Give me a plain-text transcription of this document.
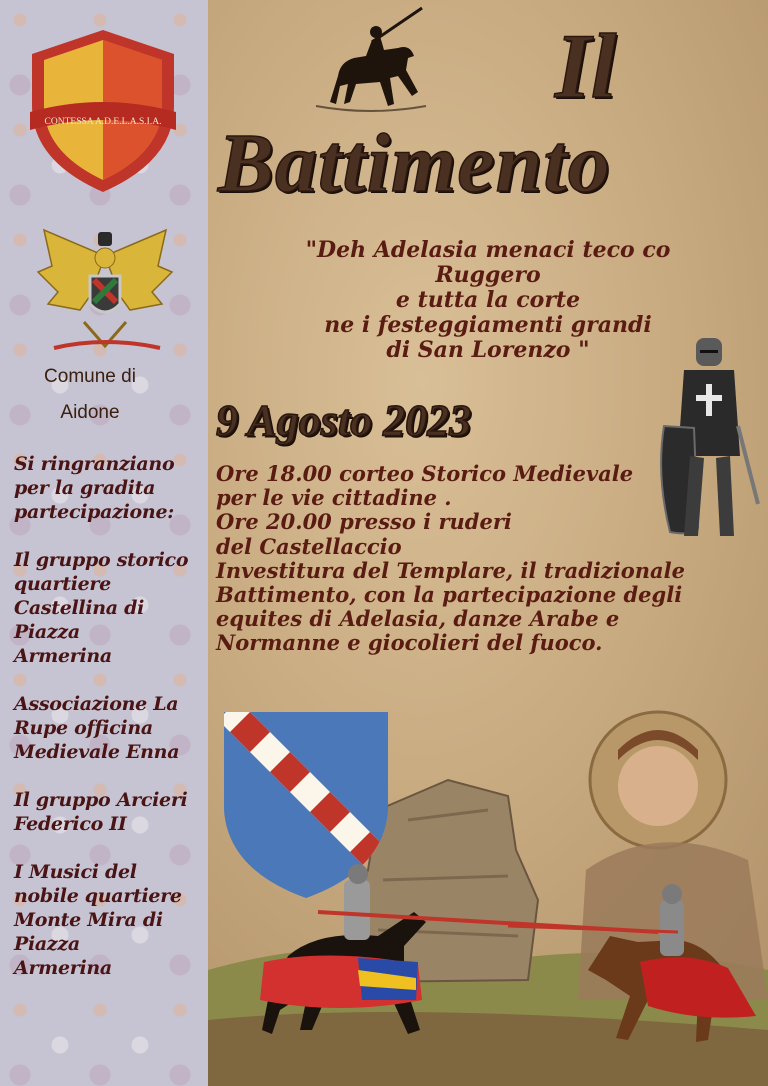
CONTESSA A.D.E.L.A.S.I.A.
Comune di
Aidone
Si ringranziano
per la gradita
partecipazione:
Il gruppo storico
quartiere
Castellina di
Piazza
Armerina
Associazione La
Rupe officina
Medievale Enna
Il gruppo Arcieri
Federico II
I Musici del
nobile quartiere
Monte Mira di
Piazza
Armerina
Il
Battimento
"Deh Adelasia menaci teco co
Ruggero
e tutta la corte
ne i festeggiamenti grandi
di San Lorenzo "
9 Agosto 2023
Ore 18.00 corteo Storico Medievale
per le vie cittadine .
Ore 20.00 presso i ruderi
del Castellaccio
Investitura del Templare, il tradizionale
Battimento, con la partecipazione degli
equites di Adelasia, danze Arabe e
Normanne e giocolieri del fuoco.
